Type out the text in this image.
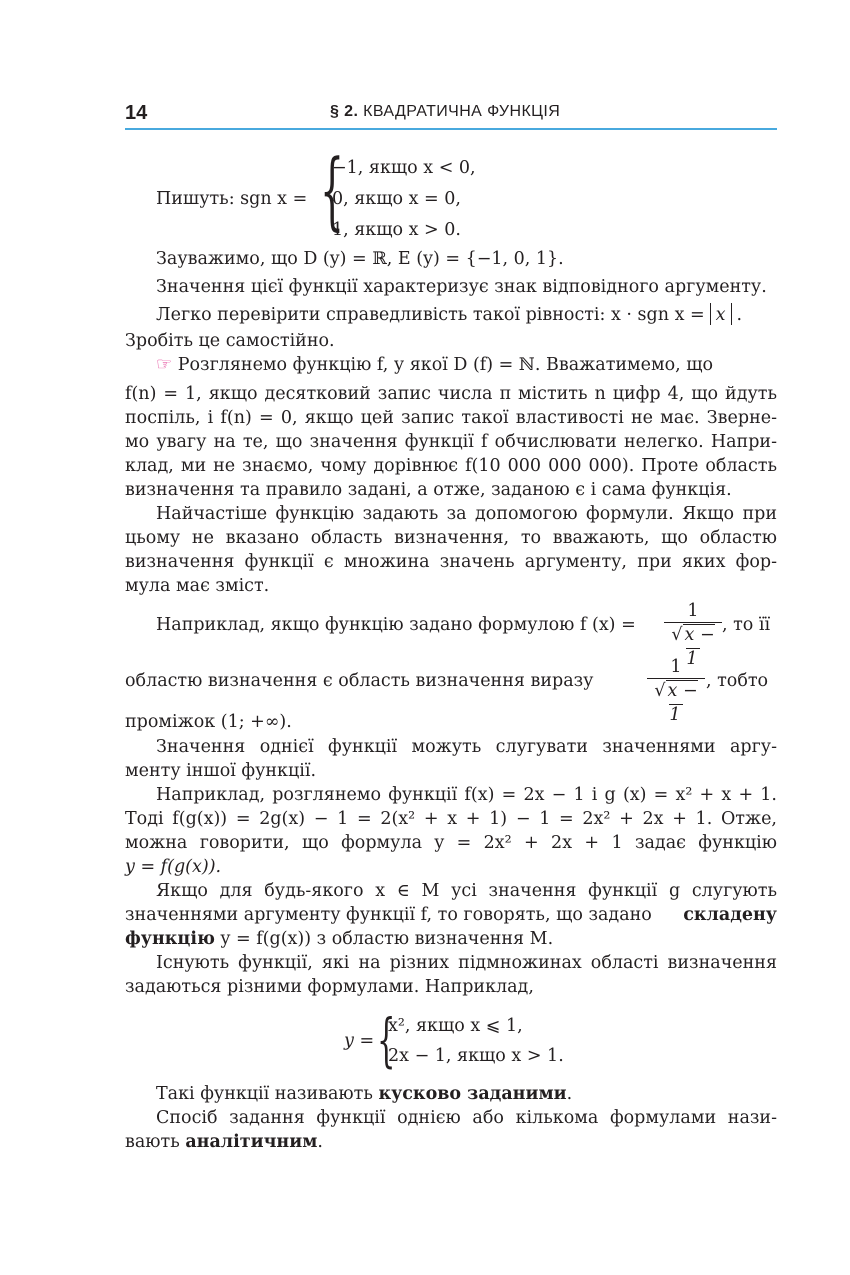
14	§ 2. КВАДРАТИЧНА ФУНКЦІЯ
Пишуть: sgn x = {
−1, якщо x < 0,
0, якщо x = 0,
1, якщо x > 0.
Зауважимо, що D (y) = ℝ, E (y) = {−1, 0, 1}.
Значення цієї функції характеризує знак відповідного аргументу.
Легко перевірити справедливість такої рівності: x · sgn x = x .
Зробіть це самостійно.
☞ Розглянемо функцію f, у якої D (f) = ℕ. Вважатимемо, що
f(n) = 1, якщо десятковий запис числа π містить n цифр 4, що йдуть
поспіль, і f(n) = 0, якщо цей запис такої властивості не має. Зверне-
мо увагу на те, що значення функції f обчислювати нелегко. Напри-
клад, ми не знаємо, чому дорівнює f(10 000 000 000). Проте область
визначення та правило задані, а отже, заданою є і сама функція.
Найчастіше функцію задають за допомогою формули. Якщо при
цьому не вказано область визначення, то вважають, що областю
визначення функції є множина значень аргументу, при яких фор-
мула має зміст.
Наприклад, якщо функцію задано формулою f (x) =
1
√ x − 1
, то її
областю визначення є область визначення виразу
1
√ x − 1
, тобто
проміжок (1; +∞).
Значення однієї функції можуть слугувати значеннями аргу-
менту іншої функції.
Наприклад, розглянемо функції f(x) = 2x − 1 і g (x) = x² + x + 1.
Тоді f(g(x)) = 2g(x) − 1 = 2(x² + x + 1) − 1 = 2x² + 2x + 1. Отже,
можна говорити, що формула y = 2x² + 2x + 1 задає функцію
y = f(g(x)).
Якщо для будь-якого x ∈ M усі значення функції g слугують
значеннями аргументу функції f, то говорять, що задано складену
функцію y = f(g(x)) з областю визначення M.
Існують функції, які на різних підмножинах області визначення
задаються різними формулами. Наприклад,
y = {
x², якщо x ⩽ 1,
2x − 1, якщо x > 1.
Такі функції називають кусково заданими.
Спосіб задання функції однією або кількома формулами нази-
вають аналітичним.
